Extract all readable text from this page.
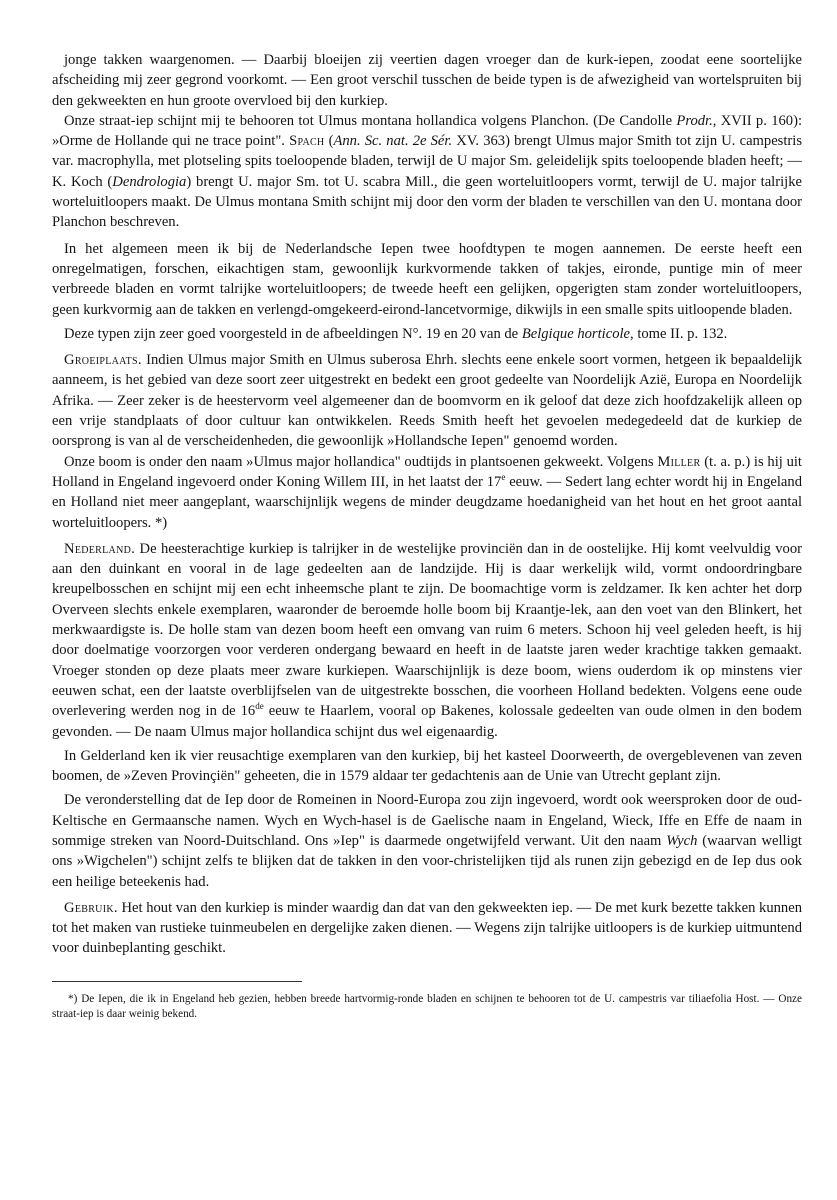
jonge takken waargenomen. — Daarbij bloeijen zij veertien dagen vroeger dan de kurk-iepen, zoodat eene soortelijke afscheiding mij zeer gegrond voorkomt. — Een groot verschil tusschen de beide typen is de afwezigheid van wortelspruiten bij den gekweekten en hun groote overvloed bij den kurkiep.

Onze straat-iep schijnt mij te behooren tot Ulmus montana hollandica volgens Planchon. (De Candolle Prodr., XVII p. 160): »Orme de Hollande qui ne trace point". Spach (Ann. Sc. nat. 2e Sér. XV. 363) brengt Ulmus major Smith tot zijn U. campestris var. macrophylla, met plotseling spits toeloopende bladen, terwijl de U major Sm. geleidelijk spits toeloopende bladen heeft; — K. Koch (Dendrologia) brengt U. major Sm. tot U. scabra Mill., die geen worteluitloopers vormt, terwijl de U. major talrijke worteluitloopers maakt. De Ulmus montana Smith schijnt mij door den vorm der bladen te verschillen van den U. montana door Planchon beschreven.

In het algemeen meen ik bij de Nederlandsche Iepen twee hoofdtypen te mogen aannemen. De eerste heeft een onregelmatigen, forschen, eikachtigen stam, gewoonlijk kurkvormende takken of takjes, eironde, puntige min of meer verbreede bladen en vormt talrijke worteluitloopers; de tweede heeft een gelijken, opgerigten stam zonder worteluitloopers, geen kurkvormig aan de takken en verlengd-omgekeerd-eirond-lancetvormige, dikwijls in een smalle spits uitloopende bladen.

Deze typen zijn zeer goed voorgesteld in de afbeeldingen N°. 19 en 20 van de Belgique horticole, tome II. p. 132.

Groeiplaats. Indien Ulmus major Smith en Ulmus suberosa Ehrh. slechts eene enkele soort vormen, hetgeen ik bepaaldelijk aanneem, is het gebied van deze soort zeer uitgestrekt en bedekt een groot gedeelte van Noordelijk Azië, Europa en Noordelijk Afrika. — Zeer zeker is de heestervorm veel algemeener dan de boomvorm en ik geloof dat deze zich hoofdzakelijk alleen op een vrije standplaats of door cultuur kan ontwikkelen. Reeds Smith heeft het gevoelen medegedeeld dat de kurkiep de oorsprong is van al de verscheidenheden, die gewoonlijk »Hollandsche Iepen" genoemd worden.

Onze boom is onder den naam »Ulmus major hollandica" oudtijds in plantsoenen gekweekt. Volgens Miller (t. a. p.) is hij uit Holland in Engeland ingevoerd onder Koning Willem III, in het laatst der 17e eeuw. — Sedert lang echter wordt hij in Engeland en Holland niet meer aangeplant, waarschijnlijk wegens de minder deugdzame hoedanigheid van het hout en het groot aantal worteluitloopers. *)

Nederland. De heesterachtige kurkiep is talrijker in de westelijke provinciën dan in de oostelijke. Hij komt veelvuldig voor aan den duinkant en vooral in de lage gedeelten aan de landzijde. Hij is daar werkelijk wild, vormt ondoordringbare kreupelbosschen en schijnt mij een echt inheemsche plant te zijn. De boomachtige vorm is zeldzamer. Ik ken achter het dorp Overveen slechts enkele exemplaren, waaronder de beroemde holle boom bij Kraantje-lek, aan den voet van den Blinkert, het merkwaardigste is. De holle stam van dezen boom heeft een omvang van ruim 6 meters. Schoon hij veel geleden heeft, is hij door doelmatige voorzorgen voor verderen ondergang bewaard en heeft in de laatste jaren weder krachtige takken gemaakt. Vroeger stonden op deze plaats meer zware kurkiepen. Waarschijnlijk is deze boom, wiens ouderdom ik op minstens vier eeuwen schat, een der laatste overblijfselen van de uitgestrekte bosschen, die voorheen Holland bedekten. Volgens eene oude overlevering werden nog in de 16de eeuw te Haarlem, vooral op Bakenes, kolossale gedeelten van oude olmen in den bodem gevonden. — De naam Ulmus major hollandica schijnt dus wel eigenaardig.

In Gelderland ken ik vier reusachtige exemplaren van den kurkiep, bij het kasteel Doorweerth, de overgeblevenen van zeven boomen, de »Zeven Provinçiën" geheeten, die in 1579 aldaar ter gedachtenis aan de Unie van Utrecht geplant zijn.

De veronderstelling dat de Iep door de Romeinen in Noord-Europa zou zijn ingevoerd, wordt ook weersproken door de oud-Keltische en Germaansche namen. Wych en Wych-hasel is de Gaelische naam in Engeland, Wieck, Iffe en Effe de naam in sommige streken van Noord-Duitschland. Ons »Iep" is daarmede ongetwijfeld verwant. Uit den naam Wych (waarvan welligt ons »Wigchelen") schijnt zelfs te blijken dat de takken in den voor-christelijken tijd als runen zijn gebezigd en de Iep dus ook een heilige beteekenis had.

Gebruik. Het hout van den kurkiep is minder waardig dan dat van den gekweekten iep. — De met kurk bezette takken kunnen tot het maken van rustieke tuinmeubelen en dergelijke zaken dienen. — Wegens zijn talrijke uitloopers is de kurkiep uitmuntend voor duinbeplanting geschikt.

*) De Iepen, die ik in Engeland heb gezien, hebben breede hartvormig-ronde bladen en schijnen te behooren tot de U. campestris var tiliaefolia Host. — Onze straat-iep is daar weinig bekend.
